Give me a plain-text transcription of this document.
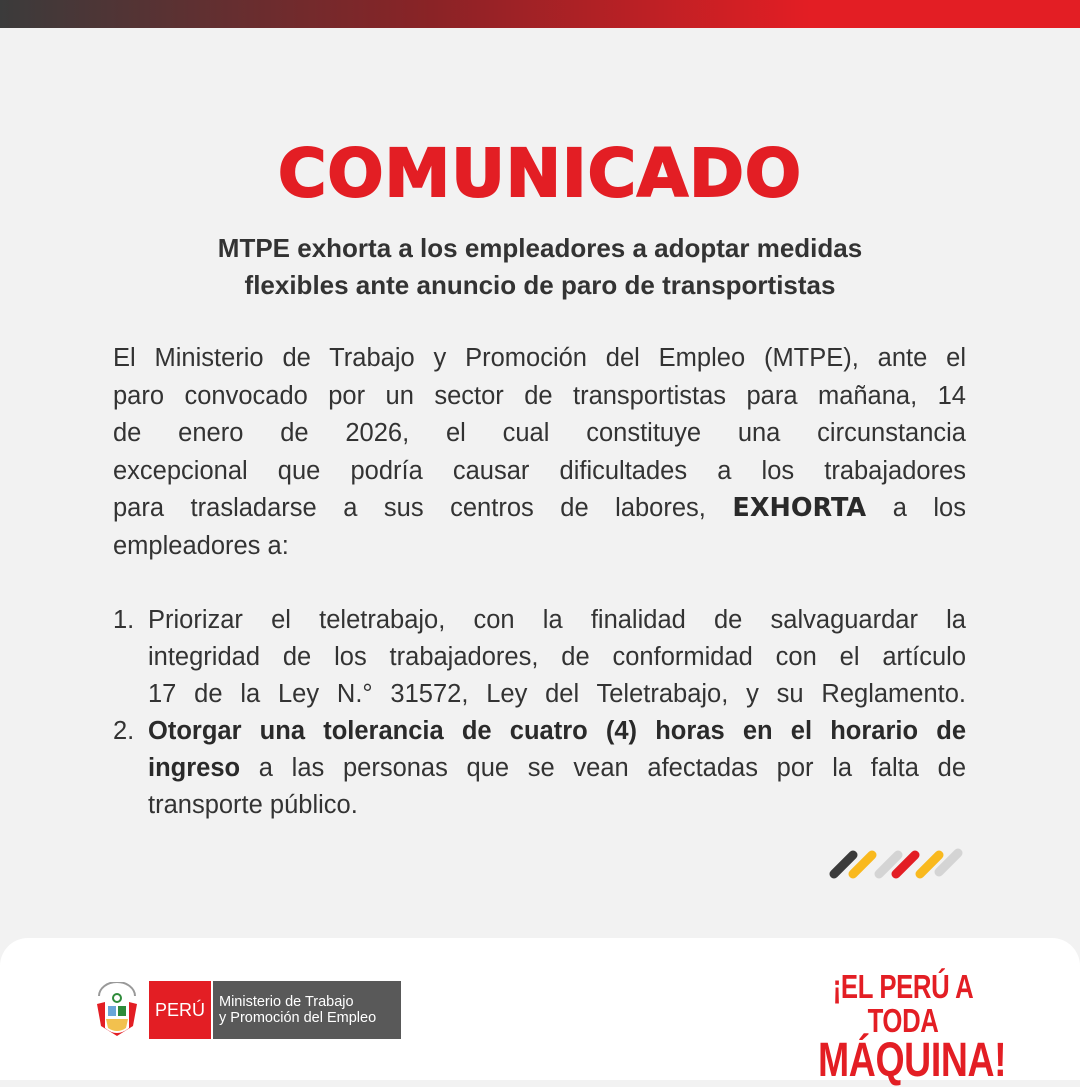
COMUNICADO
MTPE exhorta a los empleadores a adoptar medidas
flexibles ante anuncio de paro de transportistas
El Ministerio de Trabajo y Promoción del Empleo (MTPE), ante el
paro convocado por un sector de transportistas para mañana, 14
de enero de 2026, el cual constituye una circunstancia
excepcional que podría causar dificultades a los trabajadores
para trasladarse a sus centros de labores, EXHORTA a los
empleadores a:
1. Priorizar el teletrabajo, con la finalidad de salvaguardar la
integridad de los trabajadores, de conformidad con el artículo
17 de la Ley N.° 31572, Ley del Teletrabajo, y su Reglamento.
2. Otorgar una tolerancia de cuatro (4) horas en el horario de
ingreso a las personas que se vean afectadas por la falta de
transporte público.
PERÚ Ministerio de Trabajo
y Promoción del Empleo
¡EL PERÚ A TODA
MÁQUINA!
